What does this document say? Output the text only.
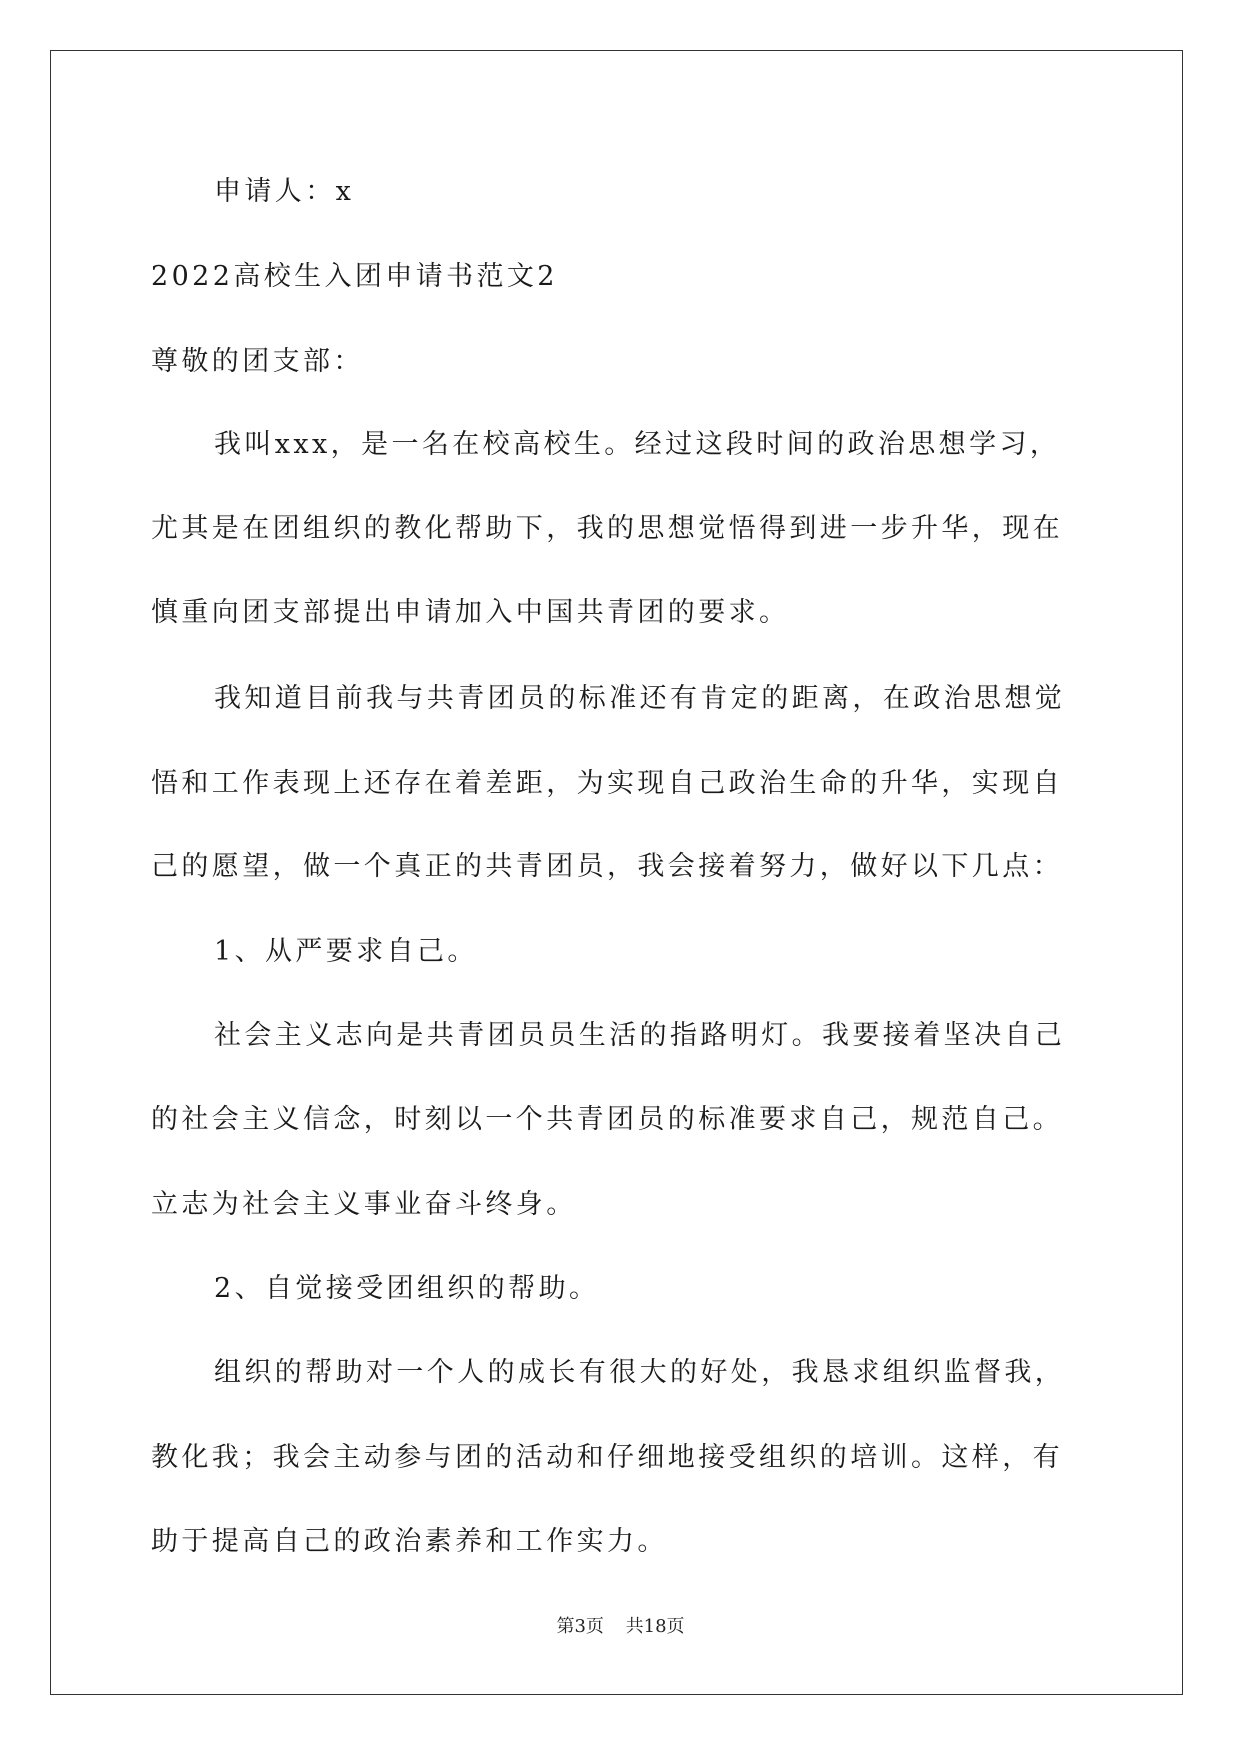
申请人：x
2022高校生入团申请书范文2
尊敬的团支部：
我叫xxx，是一名在校高校生。经过这段时间的政治思想学习，
尤其是在团组织的教化帮助下，我的思想觉悟得到进一步升华，现在
慎重向团支部提出申请加入中国共青团的要求。
我知道目前我与共青团员的标准还有肯定的距离，在政治思想觉
悟和工作表现上还存在着差距，为实现自己政治生命的升华，实现自
己的愿望，做一个真正的共青团员，我会接着努力，做好以下几点：
1、从严要求自己。
社会主义志向是共青团员员生活的指路明灯。我要接着坚决自己
的社会主义信念，时刻以一个共青团员的标准要求自己，规范自己。
立志为社会主义事业奋斗终身。
2、自觉接受团组织的帮助。
组织的帮助对一个人的成长有很大的好处，我恳求组织监督我，
教化我；我会主动参与团的活动和仔细地接受组织的培训。这样，有
助于提高自己的政治素养和工作实力。
第3页 共18页
